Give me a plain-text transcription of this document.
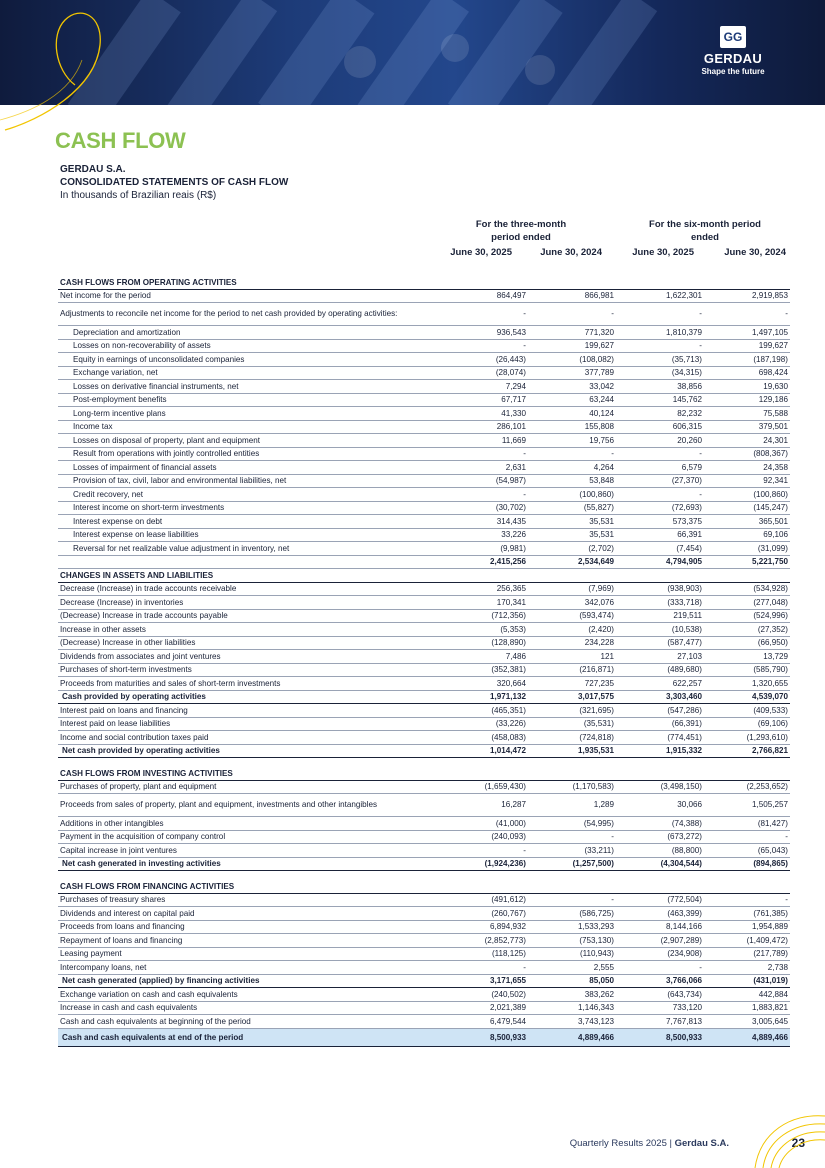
GG
GERDAU
Shape the future
CASH FLOW
GERDAU S.A.
CONSOLIDATED STATEMENTS OF CASH FLOW
In thousands of Brazilian reais (R$)
For the three-month period ended
For the six-month period ended
June 30, 2025	June 30, 2024	June 30, 2025	June 30, 2024
CASH FLOWS FROM OPERATING ACTIVITIES				
Net income for the period	864,497	866,981	1,622,301	2,919,853
Adjustments to reconcile net income for the period to net cash provided by operating activities:	-	-	-	-
Depreciation and amortization	936,543	771,320	1,810,379	1,497,105
Losses on non-recoverability of assets	-	199,627	-	199,627
Equity in earnings of unconsolidated companies	(26,443)	(108,082)	(35,713)	(187,198)
Exchange variation, net	(28,074)	377,789	(34,315)	698,424
Losses on derivative financial instruments, net	7,294	33,042	38,856	19,630
Post-employment benefits	67,717	63,244	145,762	129,186
Long-term incentive plans	41,330	40,124	82,232	75,588
Income tax	286,101	155,808	606,315	379,501
Losses on disposal of property, plant and equipment	11,669	19,756	20,260	24,301
Result from operations with jointly controlled entities	-	-	-	(808,367)
Losses of impairment of financial assets	2,631	4,264	6,579	24,358
Provision of tax, civil, labor and environmental liabilities, net	(54,987)	53,848	(27,370)	92,341
Credit recovery, net	-	(100,860)	-	(100,860)
Interest income on short-term investments	(30,702)	(55,827)	(72,693)	(145,247)
Interest expense on debt	314,435	35,531	573,375	365,501
Interest expense on lease liabilities	33,226	35,531	66,391	69,106
Reversal for net realizable value adjustment in inventory, net	(9,981)	(2,702)	(7,454)	(31,099)
	2,415,256	2,534,649	4,794,905	5,221,750
CHANGES IN ASSETS AND LIABILITIES				
Decrease (Increase) in trade accounts receivable	256,365	(7,969)	(938,903)	(534,928)
Decrease (Increase) in inventories	170,341	342,076	(333,718)	(277,048)
(Decrease) Increase in trade accounts payable	(712,356)	(593,474)	219,511	(524,996)
Increase in other assets	(5,353)	(2,420)	(10,538)	(27,352)
(Decrease) Increase in other liabilities	(128,890)	234,228	(587,477)	(66,950)
Dividends from associates and joint ventures	7,486	121	27,103	13,729
Purchases of short-term investments	(352,381)	(216,871)	(489,680)	(585,790)
Proceeds from maturities and sales of short-term investments	320,664	727,235	622,257	1,320,655
Cash provided by operating activities	1,971,132	3,017,575	3,303,460	4,539,070
Interest paid on loans and financing	(465,351)	(321,695)	(547,286)	(409,533)
Interest paid on lease liabilities	(33,226)	(35,531)	(66,391)	(69,106)
Income and social contribution taxes paid	(458,083)	(724,818)	(774,451)	(1,293,610)
Net cash provided by operating activities	1,014,472	1,935,531	1,915,332	2,766,821

CASH FLOWS FROM INVESTING ACTIVITIES				
Purchases of property, plant and equipment	(1,659,430)	(1,170,583)	(3,498,150)	(2,253,652)
Proceeds from sales of property, plant and equipment, investments and other intangibles	16,287	1,289	30,066	1,505,257
Additions in other intangibles	(41,000)	(54,995)	(74,388)	(81,427)
Payment in the acquisition of company control	(240,093)	-	(673,272)	-
Capital increase in joint ventures	-	(33,211)	(88,800)	(65,043)
Net cash generated in investing activities	(1,924,236)	(1,257,500)	(4,304,544)	(894,865)

CASH FLOWS FROM FINANCING ACTIVITIES				
Purchases of treasury shares	(491,612)	-	(772,504)	-
Dividends and interest on capital paid	(260,767)	(586,725)	(463,399)	(761,385)
Proceeds from loans and financing	6,894,932	1,533,293	8,144,166	1,954,889
Repayment of loans and financing	(2,852,773)	(753,130)	(2,907,289)	(1,409,472)
Leasing payment	(118,125)	(110,943)	(234,908)	(217,789)
Intercompany loans, net	-	2,555	-	2,738
Net cash generated (applied) by financing activities	3,171,655	85,050	3,766,066	(431,019)
Exchange variation on cash and cash equivalents	(240,502)	383,262	(643,734)	442,884
Increase in cash and cash equivalents	2,021,389	1,146,343	733,120	1,883,821
Cash and cash equivalents at beginning of the period	6,479,544	3,743,123	7,767,813	3,005,645
Cash and cash equivalents at end of the period	8,500,933	4,889,466	8,500,933	4,889,466
Quarterly Results 2025 | Gerdau S.A.	23
